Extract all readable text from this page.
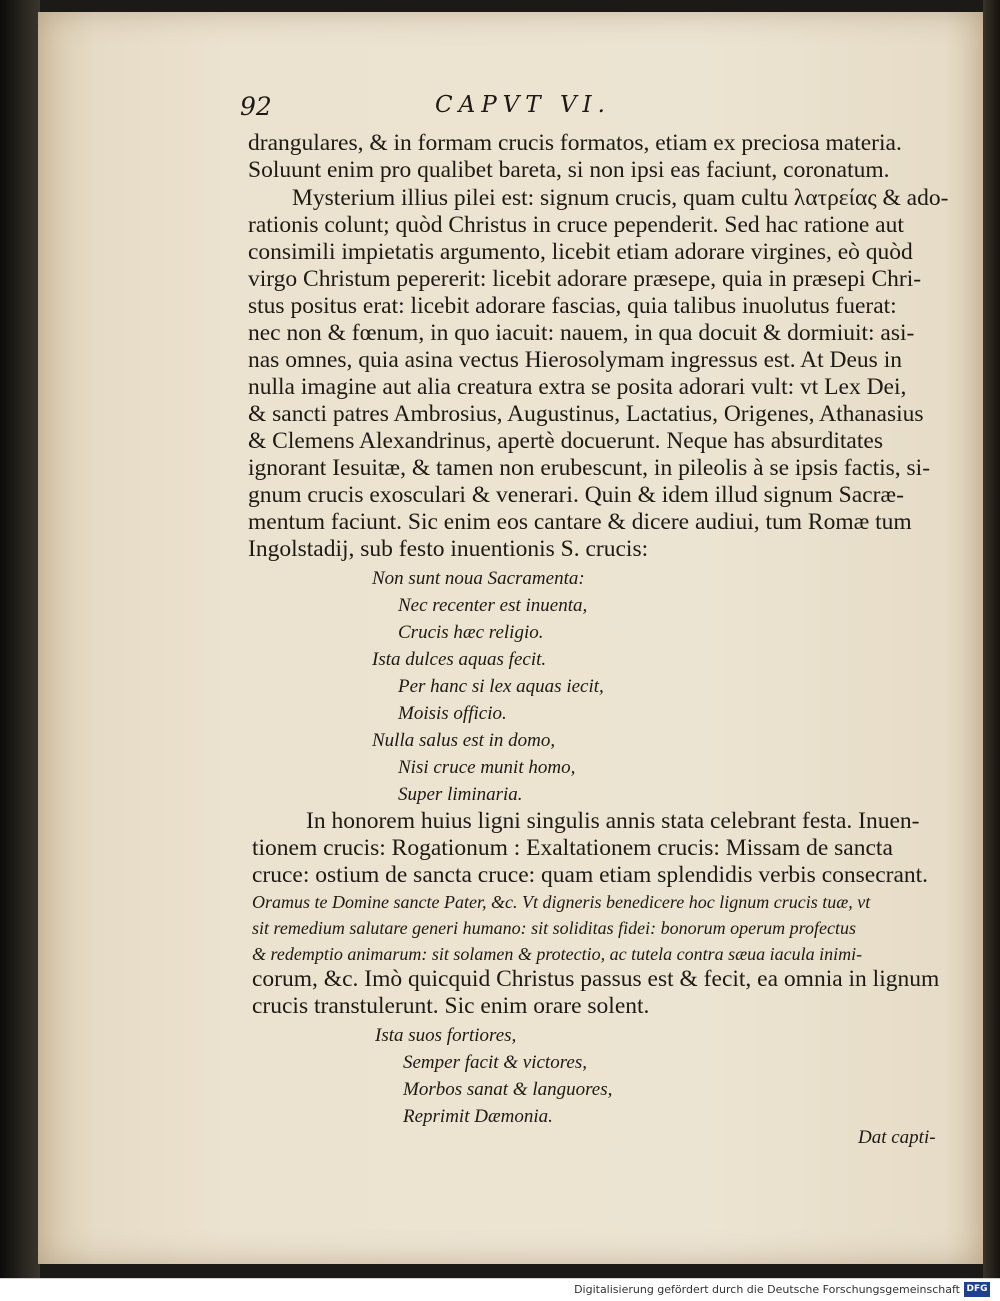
92	CAPVT VI.
drangulares, & in formam crucis formatos, etiam ex preciosa materia.
Soluunt enim pro qualibet bareta, si non ipsi eas faciunt, coronatum.
Mysterium illius pilei est: signum crucis, quam cultu λατρείας & ado-
rationis colunt; quòd Christus in cruce pependerit. Sed hac ratione aut
consimili impietatis argumento, licebit etiam adorare virgines, eò quòd
virgo Christum pepererit: licebit adorare præsepe, quia in præsepi Chri-
stus positus erat: licebit adorare fascias, quia talibus inuolutus fuerat:
nec non & fœnum, in quo iacuit: nauem, in qua docuit & dormiuit: asi-
nas omnes, quia asina vectus Hierosolymam ingressus est. At Deus in
nulla imagine aut alia creatura extra se posita adorari vult: vt Lex Dei,
& sancti patres Ambrosius, Augustinus, Lactatius, Origenes, Athanasius
& Clemens Alexandrinus, apertè docuerunt. Neque has absurditates
ignorant Iesuitæ, & tamen non erubescunt, in pileolis à se ipsis factis, si-
gnum crucis exosculari & venerari. Quin & idem illud signum Sacræ-
mentum faciunt. Sic enim eos cantare & dicere audiui, tum Romæ tum
Ingolstadij, sub festo inuentionis S. crucis:
Non sunt noua Sacramenta:
Nec recenter est inuenta,
Crucis hæc religio.
Ista dulces aquas fecit.
Per hanc si lex aquas iecit,
Moisis officio.
Nulla salus est in domo,
Nisi cruce munit homo,
Super liminaria.
In honorem huius ligni singulis annis stata celebrant festa. Inuen-
tionem crucis: Rogationum : Exaltationem crucis: Missam de sancta
cruce: ostium de sancta cruce: quam etiam splendidis verbis consecrant.
Oramus te Domine sancte Pater, &c. Vt digneris benedicere hoc lignum crucis tuæ, vt
sit remedium salutare generi humano: sit soliditas fidei: bonorum operum profectus
& redemptio animarum: sit solamen & protectio, ac tutela contra sæua iacula inimi-
corum, &c. Imò quicquid Christus passus est & fecit, ea omnia in lignum
crucis transtulerunt. Sic enim orare solent.
Ista suos fortiores,
Semper facit & victores,
Morbos sanat & languores,
Reprimit Dæmonia.
Dat capti-
Digitalisierung gefördert durch die Deutsche Forschungsgemeinschaft DFG
